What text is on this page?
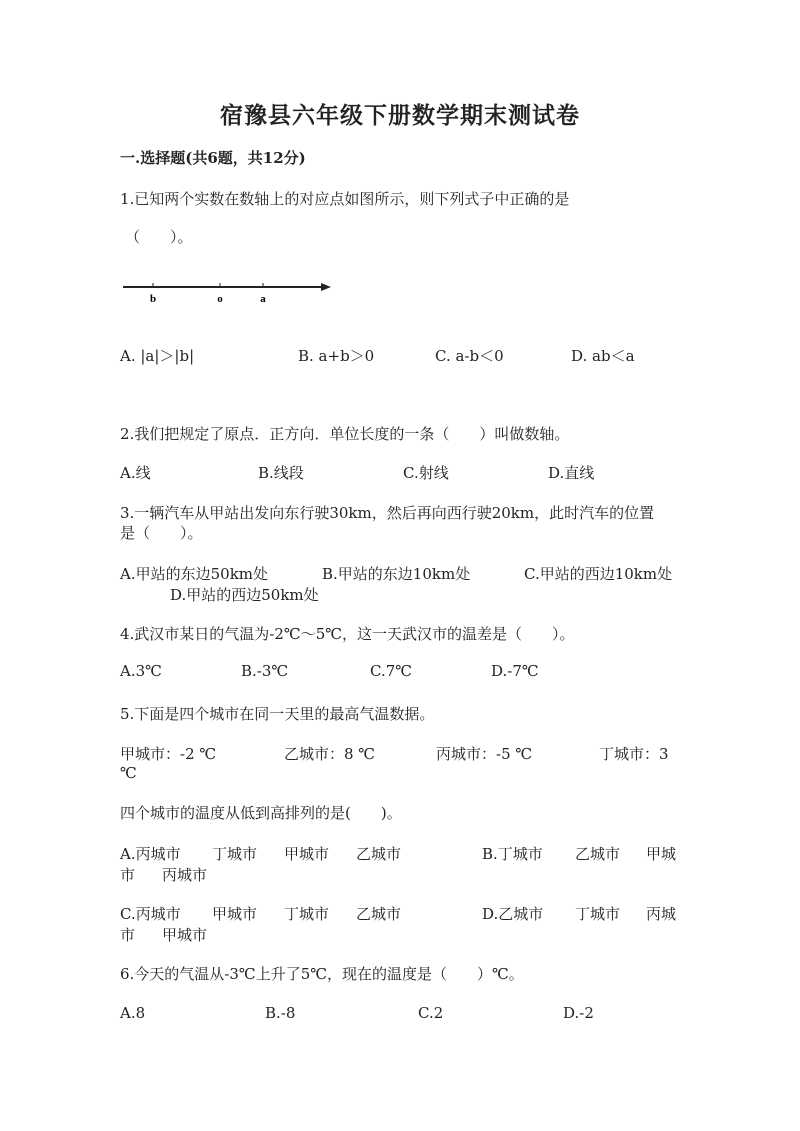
宿豫县六年级下册数学期末测试卷
一.选择题(共6题，共12分)
1.已知两个实数在数轴上的对应点如图所示，则下列式子中正确的是
（　　）。
b	o	a
A. |a|＞|b|	B. a+b＞0	C. a-b＜0	D. ab＜a
2.我们把规定了原点．正方向．单位长度的一条（　　）叫做数轴。
A.线	B.线段	C.射线	D.直线
3.一辆汽车从甲站出发向东行驶30km，然后再向西行驶20km，此时汽车的位置
是（　　）。
A.甲站的东边50km处	B.甲站的东边10km处	C.甲站的西边10km处
D.甲站的西边50km处
4.武汉市某日的气温为-2℃～5℃，这一天武汉市的温差是（　　）。
A.3℃	B.-3℃	C.7℃	D.-7℃
5.下面是四个城市在同一天里的最高气温数据。
甲城市：-2 ℃	乙城市：8 ℃	丙城市：-5 ℃	丁城市：3
℃
四个城市的温度从低到高排列的是(　　)。
A.丙城市 丁城市 甲城市 乙城市	B.丁城市 乙城市 甲城
市 丙城市
C.丙城市 甲城市 丁城市 乙城市	D.乙城市 丁城市 丙城
市 甲城市
6.今天的气温从-3℃上升了5℃，现在的温度是（　　）℃。
A.8	B.-8	C.2	D.-2
